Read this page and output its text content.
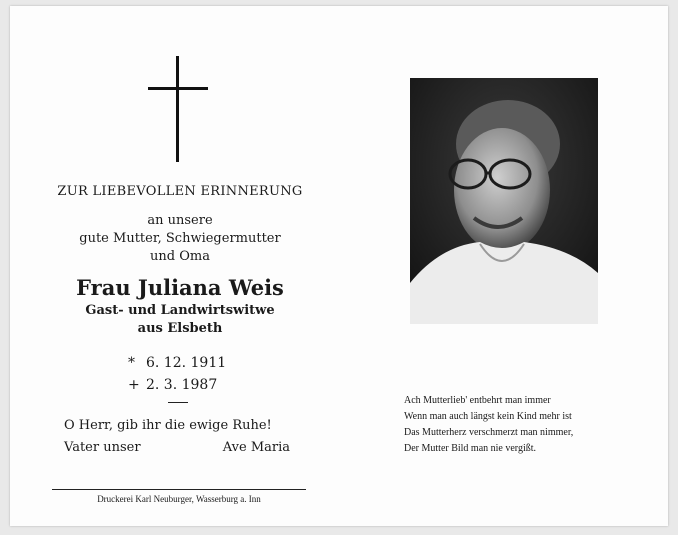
ZUR LIEBEVOLLEN ERINNERUNG
an unsere
gute Mutter, Schwiegermutter
und Oma
Frau Juliana Weis
Gast- und Landwirtswitwe
aus Elsbeth
* 6. 12. 1911
+ 2. 3. 1987
O Herr, gib ihr die ewige Ruhe!
Vater unser	Ave Maria
Druckerei Karl Neuburger, Wasserburg a. Inn
Ach Mutterlieb' entbehrt man immer
Wenn man auch längst kein Kind mehr ist
Das Mutterherz verschmerzt man nimmer,
Der Mutter Bild man nie vergißt.
